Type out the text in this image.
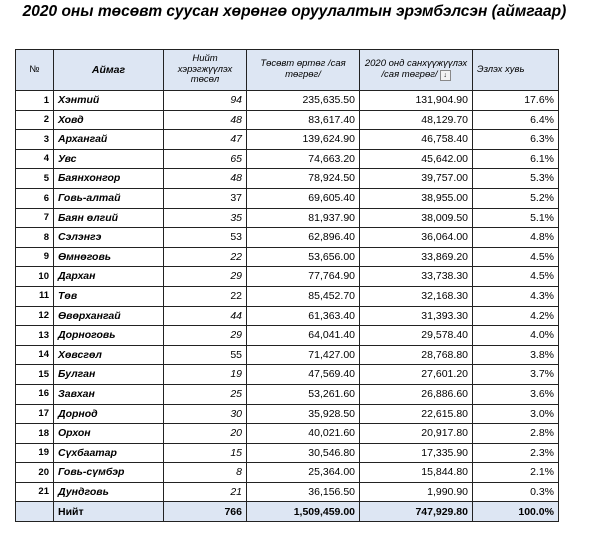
2020 оны төсөвт суусан хөрөнгө оруулалтын эрэмбэлсэн (аймгаар)
№	Аймаг	Нийт хэрэгжүүлэх төсөл	Төсөвт өртөг /сая төгрөг/	2020 онд санхүүжүүлэх /сая төгрөг/ ↓	Эзлэх хувь
1	Хэнтий	94	235,635.50	131,904.90	17.6%
2	Ховд	48	83,617.40	48,129.70	6.4%
3	Архангай	47	139,624.90	46,758.40	6.3%
4	Увс	65	74,663.20	45,642.00	6.1%
5	Баянхонгор	48	78,924.50	39,757.00	5.3%
6	Говь-алтай	37	69,605.40	38,955.00	5.2%
7	Баян өлгий	35	81,937.90	38,009.50	5.1%
8	Сэлэнгэ	53	62,896.40	36,064.00	4.8%
9	Өмнөговь	22	53,656.00	33,869.20	4.5%
10	Дархан	29	77,764.90	33,738.30	4.5%
11	Төв	22	85,452.70	32,168.30	4.3%
12	Өвөрхангай	44	61,363.40	31,393.30	4.2%
13	Дорноговь	29	64,041.40	29,578.40	4.0%
14	Хөвсгөл	55	71,427.00	28,768.80	3.8%
15	Булган	19	47,569.40	27,601.20	3.7%
16	Завхан	25	53,261.60	26,886.60	3.6%
17	Дорнод	30	35,928.50	22,615.80	3.0%
18	Орхон	20	40,021.60	20,917.80	2.8%
19	Сүхбаатар	15	30,546.80	17,335.90	2.3%
20	Говь-сүмбэр	8	25,364.00	15,844.80	2.1%
21	Дундговь	21	36,156.50	1,990.90	0.3%
	Нийт	766	1,509,459.00	747,929.80	100.0%
